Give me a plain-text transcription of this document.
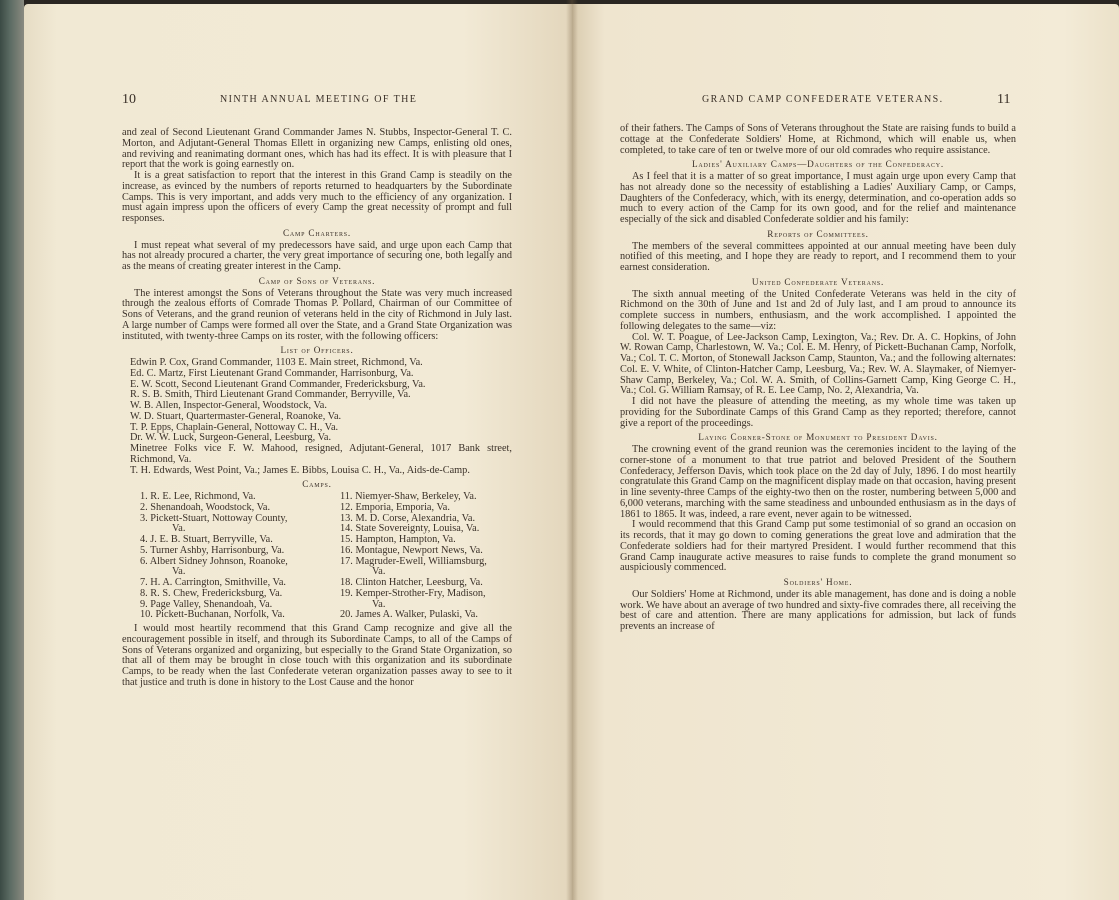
10	NINTH ANNUAL MEETING OF THE

and zeal of Second Lieutenant Grand Commander James N. Stubbs, Inspector-General T. C. Morton, and Adjutant-General Thomas Ellett in organizing new Camps, enlisting old ones, and reviving and reanimating dormant ones, which has had its effect. It is with pleasure that I report that the work is going earnestly on.

It is a great satisfaction to report that the interest in this Grand Camp is steadily on the increase, as evinced by the numbers of reports returned to headquarters by the Subordinate Camps. This is very important, and adds very much to the efficiency of any organization. I must again impress upon the officers of every Camp the great necessity of prompt and full responses.

Camp Charters.

I must repeat what several of my predecessors have said, and urge upon each Camp that has not already procured a charter, the very great importance of securing one, both legally and as the means of creating greater interest in the Camp.

Camp of Sons of Veterans.

The interest amongst the Sons of Veterans throughout the State was very much increased through the zealous efforts of Comrade Thomas P. Pollard, Chairman of our Committee of Sons of Veterans, and the grand reunion of veterans held in the city of Richmond in July last. A large number of Camps were formed all over the State, and a Grand State Organization was instituted, with twenty-three Camps on its roster, with the following officers:

List of Officers.

Edwin P. Cox, Grand Commander, 1103 E. Main street, Richmond, Va.

Ed. C. Martz, First Lieutenant Grand Commander, Harrisonburg, Va.

E. W. Scott, Second Lieutenant Grand Commander, Fredericksburg, Va.

R. S. B. Smith, Third Lieutenant Grand Commander, Berryville, Va.

W. B. Allen, Inspector-General, Woodstock, Va.

W. D. Stuart, Quartermaster-General, Roanoke, Va.

T. P. Epps, Chaplain-General, Nottoway C. H., Va.

Dr. W. W. Luck, Surgeon-General, Leesburg, Va.

Minetree Folks vice F. W. Mahood, resigned, Adjutant-General, 1017 Bank street, Richmond, Va.

T. H. Edwards, West Point, Va.; James E. Bibbs, Louisa C. H., Va., Aids-de-Camp.

Camps.

1. R. E. Lee, Richmond, Va.

2. Shenandoah, Woodstock, Va.

3. Pickett-Stuart, Nottoway County,

Va.

4. J. E. B. Stuart, Berryville, Va.

5. Turner Ashby, Harrisonburg, Va.

6. Albert Sidney Johnson, Roanoke,

Va.

7. H. A. Carrington, Smithville, Va.

8. R. S. Chew, Fredericksburg, Va.

9. Page Valley, Shenandoah, Va.

10. Pickett-Buchanan, Norfolk, Va.

11. Niemyer-Shaw, Berkeley, Va.

12. Emporia, Emporia, Va.

13. M. D. Corse, Alexandria, Va.

14. State Sovereignty, Louisa, Va.

15. Hampton, Hampton, Va.

16. Montague, Newport News, Va.

17. Magruder-Ewell, Williamsburg,

Va.

18. Clinton Hatcher, Leesburg, Va.

19. Kemper-Strother-Fry, Madison,

Va.

20. James A. Walker, Pulaski, Va.

I would most heartily recommend that this Grand Camp recognize and give all the encouragement possible in itself, and through its Subordinate Camps, to all of the Camps of Sons of Veterans organized and organizing, but especially to the Grand State Organization, so that all of them may be brought in close touch with this organization and its subordinate Camps, to be ready when the last Confederate veteran organization passes away to see to it that justice and truth is done in history to the Lost Cause and the honor

GRAND CAMP CONFEDERATE VETERANS.	11

of their fathers. The Camps of Sons of Veterans throughout the State are raising funds to build a cottage at the Confederate Soldiers' Home, at Richmond, which will enable us, when completed, to take care of ten or twelve more of our old comrades who require assistance.

Ladies' Auxiliary Camps—Daughters of the Confederacy.

As I feel that it is a matter of so great importance, I must again urge upon every Camp that has not already done so the necessity of establishing a Ladies' Auxiliary Camp, or Camps, Daughters of the Confederacy, which, with its energy, determination, and co-operation adds so much to every action of the Camp for its own good, and for the relief and maintenance especially of the sick and disabled Confederate soldier and his family:

Reports of Committees.

The members of the several committees appointed at our annual meeting have been duly notified of this meeting, and I hope they are ready to report, and I recommend them to your earnest consideration.

United Confederate Veterans.

The sixth annual meeting of the United Confederate Veterans was held in the city of Richmond on the 30th of June and 1st and 2d of July last, and I am proud to announce its complete success in numbers, enthusiasm, and the work accomplished. I appointed the following delegates to the same—viz:

Col. W. T. Poague, of Lee-Jackson Camp, Lexington, Va.; Rev. Dr. A. C. Hopkins, of John W. Rowan Camp, Charlestown, W. Va.; Col. E. M. Henry, of Pickett-Buchanan Camp, Norfolk, Va.; Col. T. C. Morton, of Stonewall Jackson Camp, Staunton, Va.; and the following alternates: Col. E. V. White, of Clinton-Hatcher Camp, Leesburg, Va.; Rev. W. A. Slaymaker, of Niemyer-Shaw Camp, Berkeley, Va.; Col. W. A. Smith, of Collins-Garnett Camp, King George C. H., Va.; Col. G. William Ramsay, of R. E. Lee Camp, No. 2, Alexandria, Va.

I did not have the pleasure of attending the meeting, as my whole time was taken up providing for the Subordinate Camps of this Grand Camp as they reported; therefore, cannot give a report of the proceedings.

Laying Corner-Stone of Monument to President Davis.

The crowning event of the grand reunion was the ceremonies incident to the laying of the corner-stone of a monument to that true patriot and beloved President of the Southern Confederacy, Jefferson Davis, which took place on the 2d day of July, 1896. I do most heartily congratulate this Grand Camp on the magnificent display made on that occasion, having present in line seventy-three Camps of the eighty-two then on the roster, numbering between 5,000 and 6,000 veterans, marching with the same steadiness and unbounded enthusiasm as in the days of 1861 to 1865. It was, indeed, a rare event, never again to be witnessed.

I would recommend that this Grand Camp put some testimonial of so grand an occasion on its records, that it may go down to coming generations the great love and admiration that the Confederate soldiers had for their martyred President. I would further recommend that this Grand Camp inaugurate active measures to raise funds to complete the grand monument so auspiciously commenced.

Soldiers' Home.

Our Soldiers' Home at Richmond, under its able management, has done and is doing a noble work. We have about an average of two hundred and sixty-five comrades there, all receiving the best of care and attention. There are many applications for admission, but lack of funds prevents an increase of
